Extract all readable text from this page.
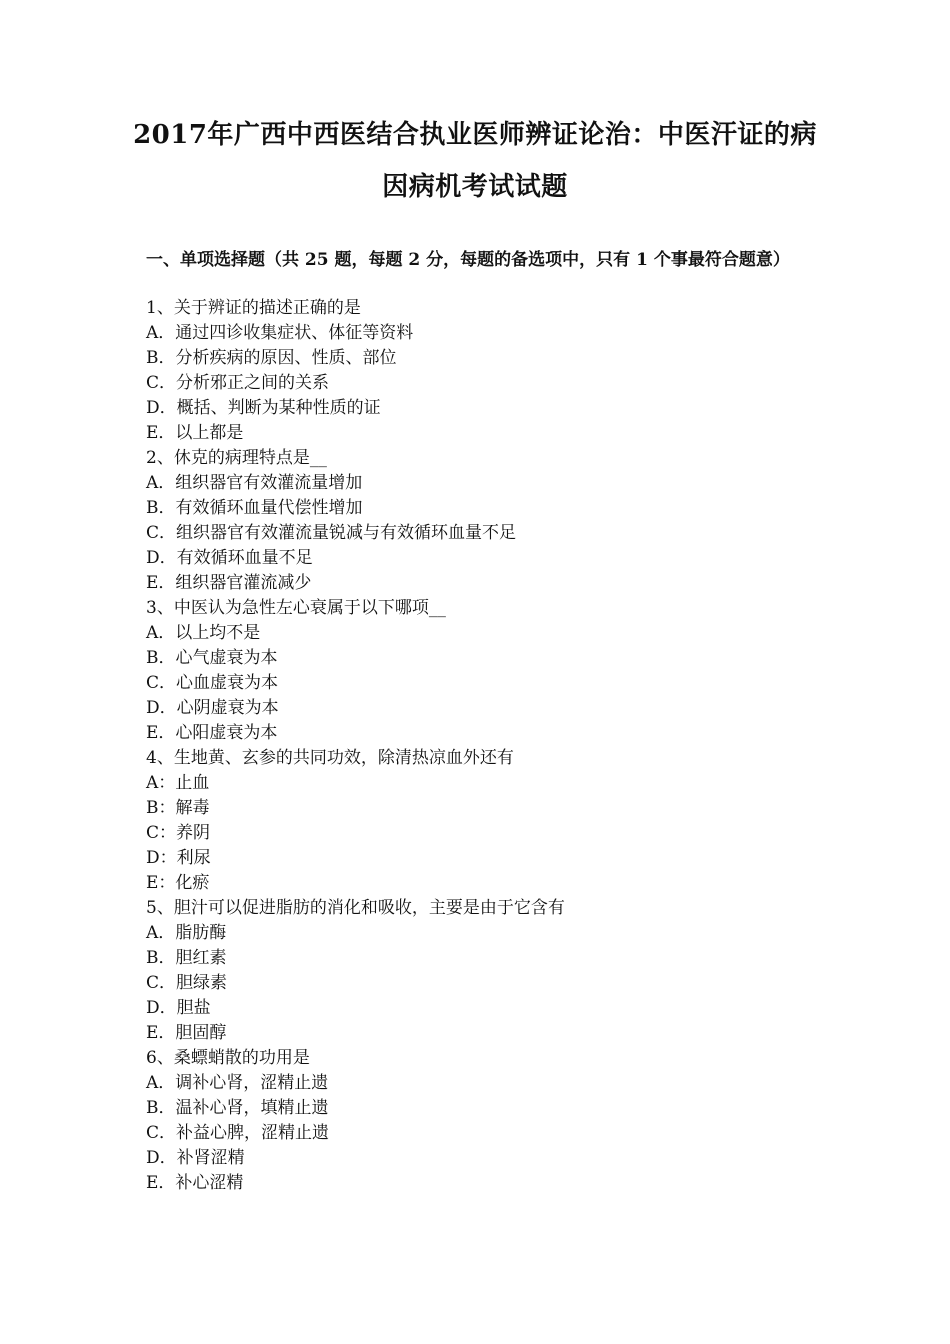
2017年广西中西医结合执业医师辨证论治：中医汗证的病
因病机考试试题
一、单项选择题（共 25 题，每题 2 分，每题的备选项中，只有 1 个事最符合题意）
1、关于辨证的描述正确的是
A．通过四诊收集症状、体征等资料
B．分析疾病的原因、性质、部位
C．分析邪正之间的关系
D．概括、判断为某种性质的证
E．以上都是
2、休克的病理特点是__
A．组织器官有效灌流量增加
B．有效循环血量代偿性增加
C．组织器官有效灌流量锐减与有效循环血量不足
D．有效循环血量不足
E．组织器官灌流减少
3、中医认为急性左心衰属于以下哪项__
A．以上均不是
B．心气虚衰为本
C．心血虚衰为本
D．心阴虚衰为本
E．心阳虚衰为本
4、生地黄、玄参的共同功效，除清热凉血外还有
A：止血
B：解毒
C：养阴
D：利尿
E：化瘀
5、胆汁可以促进脂肪的消化和吸收，主要是由于它含有
A．脂肪酶
B．胆红素
C．胆绿素
D．胆盐
E．胆固醇
6、桑螵蛸散的功用是
A．调补心肾，涩精止遗
B．温补心肾，填精止遗
C．补益心脾，涩精止遗
D．补肾涩精
E．补心涩精
